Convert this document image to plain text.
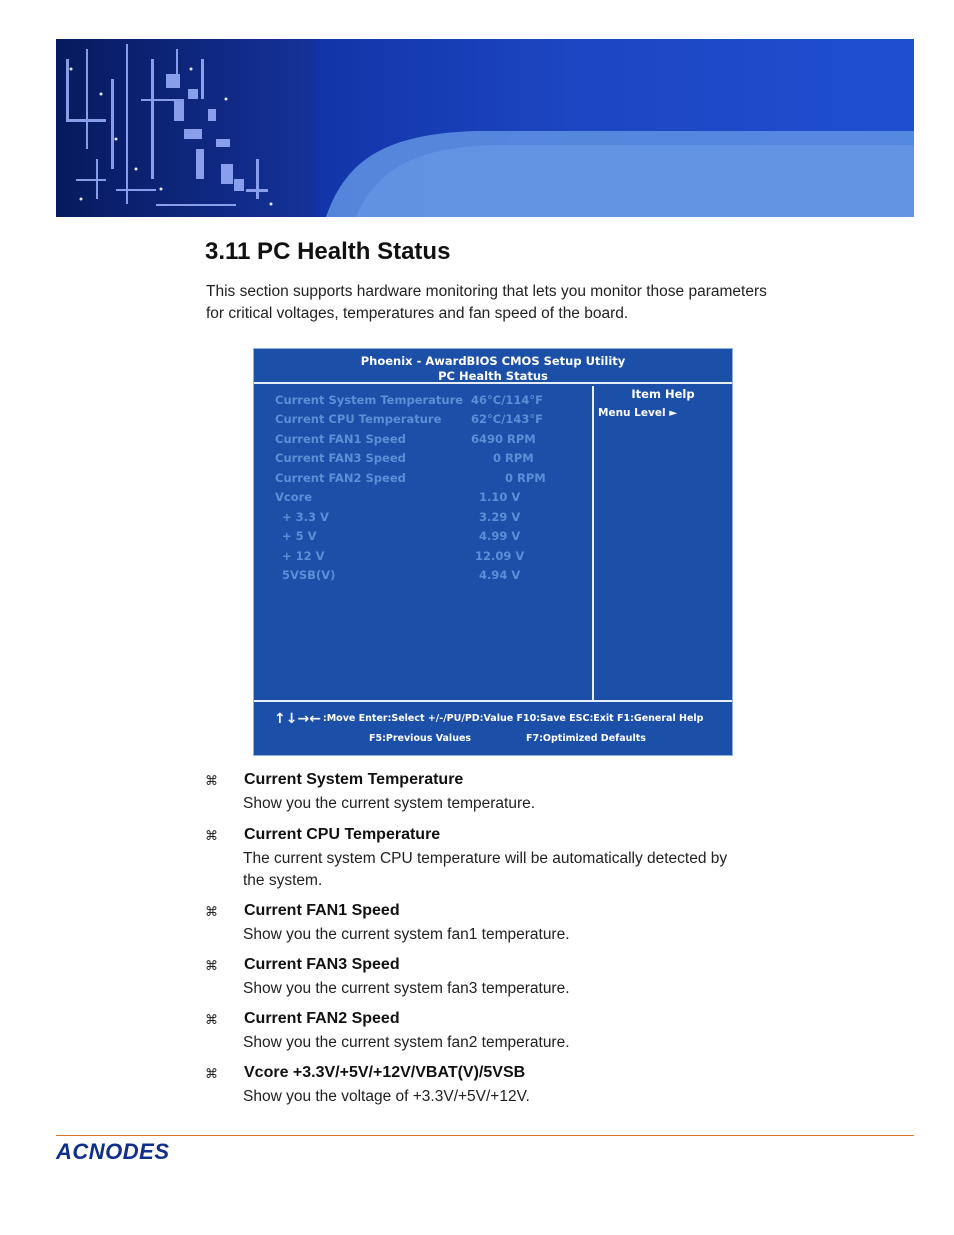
3.11 PC Health Status

This section supports hardware monitoring that lets you monitor those parameters for critical voltages, temperatures and fan speed of the board.

Phoenix - AwardBIOS CMOS Setup Utility
PC Health Status
Current System Temperature 46°C/114°F
Current CPU Temperature	62°C/143°F
Current FAN1 Speed	6490 RPM
Current FAN3 Speed	0 RPM
Current FAN2 Speed	0 RPM
Vcore	1.10 V
+ 3.3 V	3.29 V
+ 5 V	4.99 V
+ 12 V	12.09 V
5VSB(V)	4.94 V
Item Help
Menu Level ►
↑↓→← :Move Enter:Select +/-/PU/PD:Value F10:Save ESC:Exit F1:General Help
F5:Previous Values	F7:Optimized Defaults
⌘ Current System Temperature
Show you the current system temperature.
⌘ Current CPU Temperature
The current system CPU temperature will be automatically detected by the system.
⌘ Current FAN1 Speed
Show you the current system fan1 temperature.
⌘ Current FAN3 Speed
Show you the current system fan3 temperature.
⌘ Current FAN2 Speed
Show you the current system fan2 temperature.
⌘ Vcore +3.3V/+5V/+12V/VBAT(V)/5VSB
Show you the voltage of +3.3V/+5V/+12V.
ACNODES
